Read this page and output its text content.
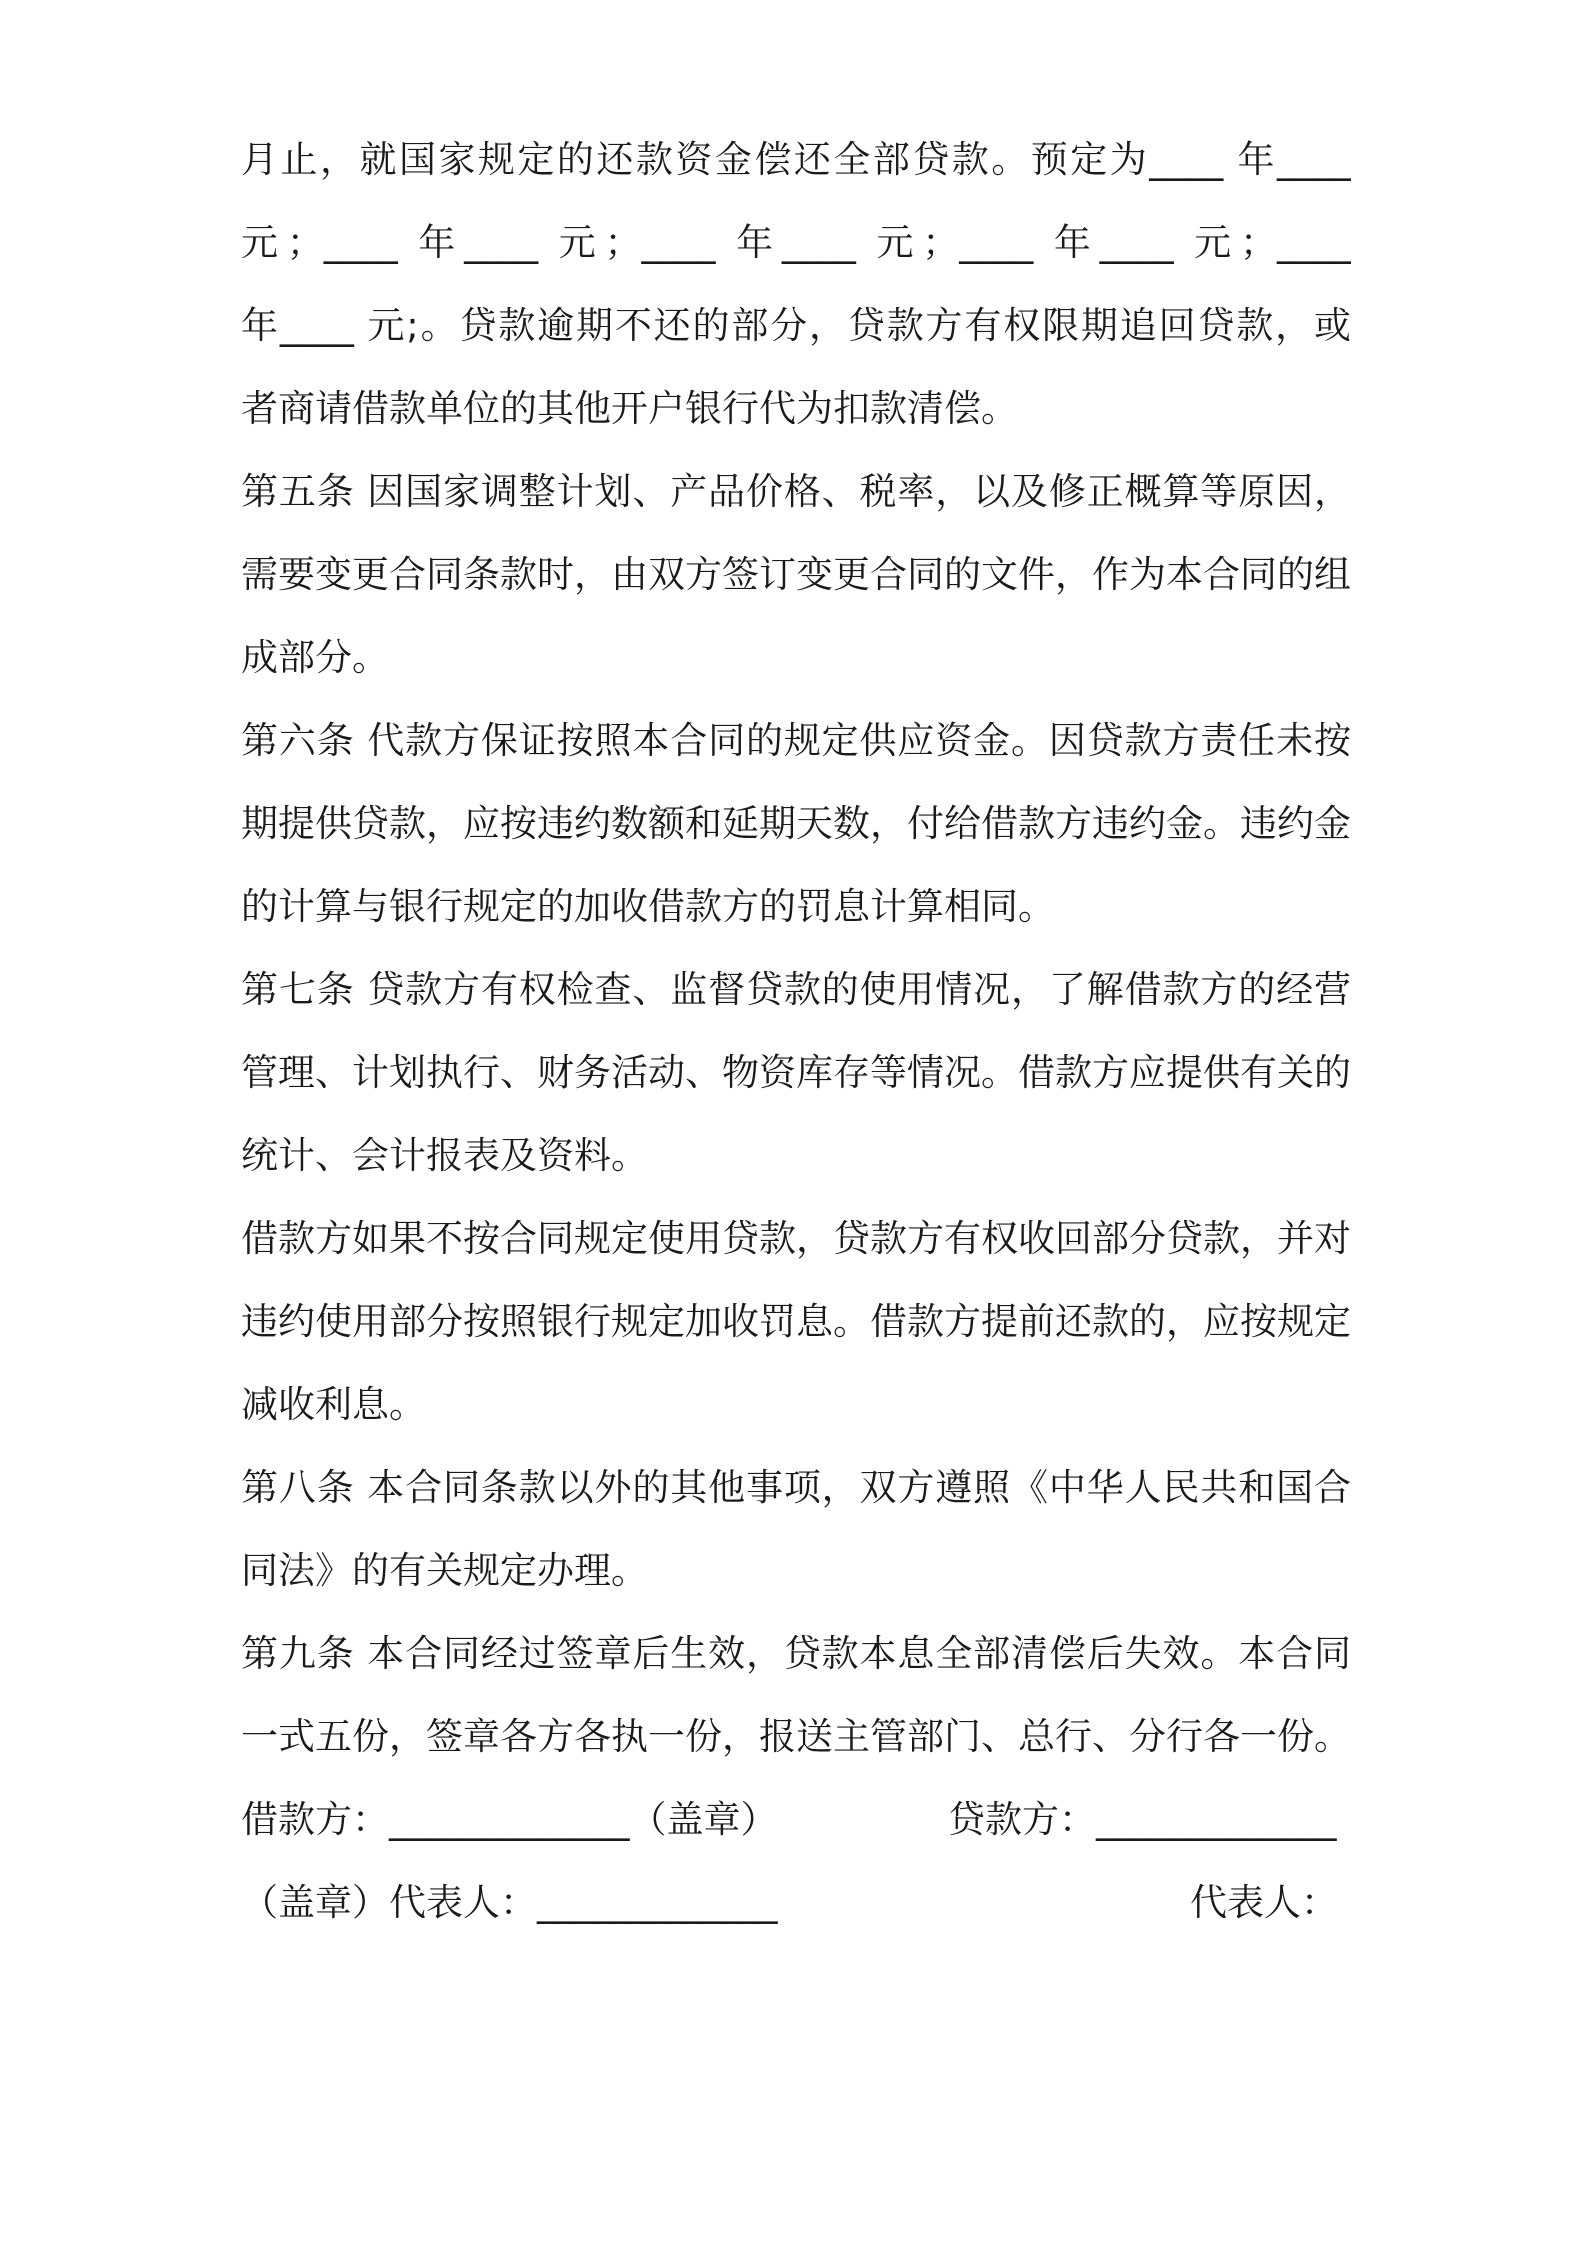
月止，就国家规定的还款资金偿还全部贷款。预定为____ 年____
元；____ 年____ 元；____ 年____ 元；____ 年____ 元；____
年____ 元;。贷款逾期不还的部分，贷款方有权限期追回贷款，或
者商请借款单位的其他开户银行代为扣款清偿。
第五条 因国家调整计划、产品价格、税率，以及修正概算等原因，
需要变更合同条款时，由双方签订变更合同的文件，作为本合同的组
成部分。
第六条 代款方保证按照本合同的规定供应资金。因贷款方责任未按
期提供贷款，应按违约数额和延期天数，付给借款方违约金。违约金
的计算与银行规定的加收借款方的罚息计算相同。
第七条 贷款方有权检查、监督贷款的使用情况，了解借款方的经营
管理、计划执行、财务活动、物资库存等情况。借款方应提供有关的
统计、会计报表及资料。
借款方如果不按合同规定使用贷款，贷款方有权收回部分贷款，并对
违约使用部分按照银行规定加收罚息。借款方提前还款的，应按规定
减收利息。
第八条 本合同条款以外的其他事项，双方遵照《中华人民共和国合
同法》的有关规定办理。
第九条 本合同经过签章后生效，贷款本息全部清偿后失效。本合同
一式五份，签章各方各执一份，报送主管部门、总行、分行各一份。
借款方：_____________（盖章）	贷款方：_____________
（盖章）代表人：_____________	代表人：
